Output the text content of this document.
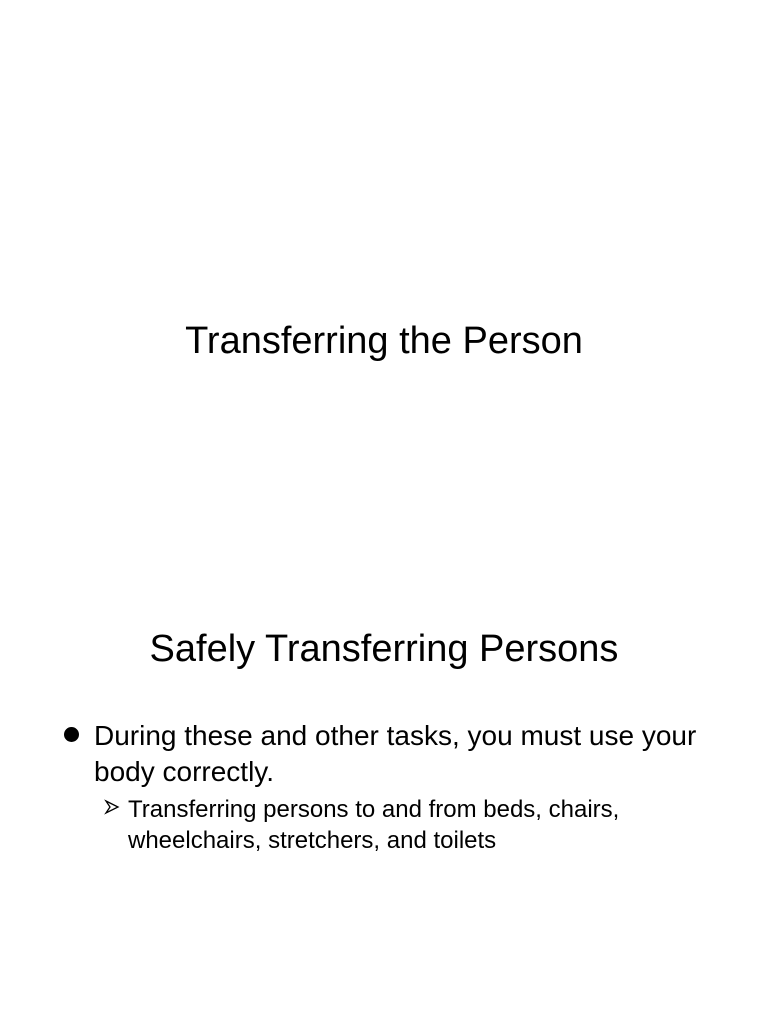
Transferring the Person
Safely Transferring Persons
During these and other tasks, you must use your body correctly.
Transferring persons to and from beds, chairs, wheelchairs, stretchers, and toilets
